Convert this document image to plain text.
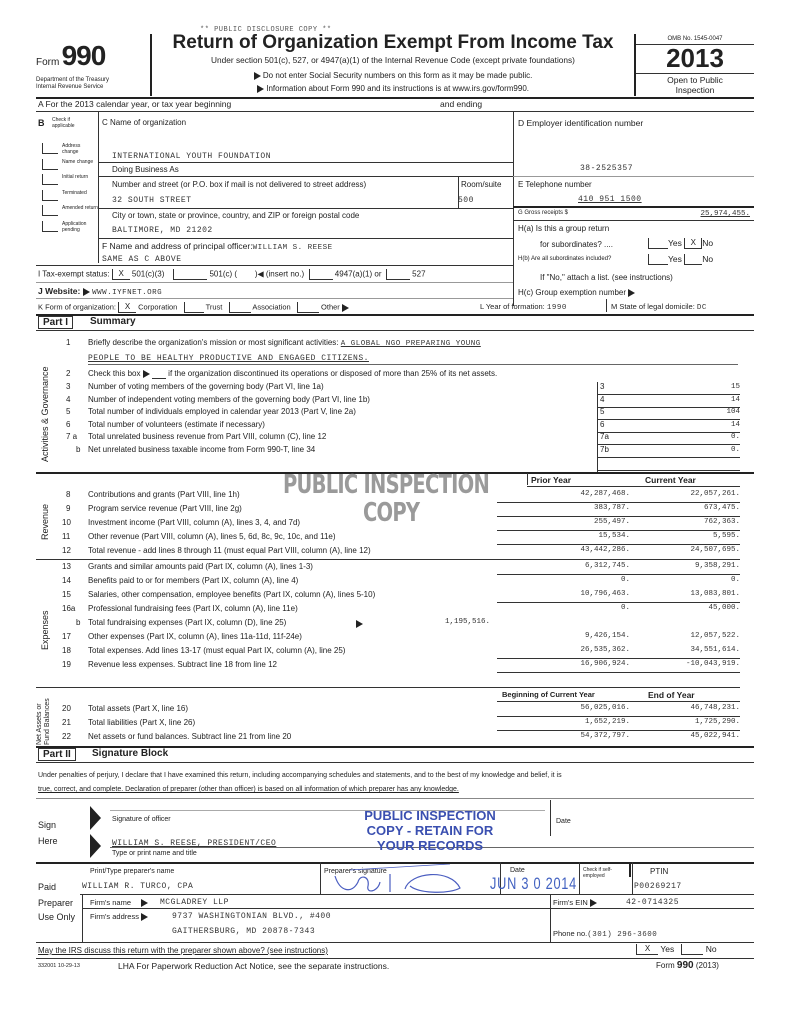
** PUBLIC DISCLOSURE COPY **
Form 990
Department of the Treasury
Internal Revenue Service
Return of Organization Exempt From Income Tax
Under section 501(c), 527, or 4947(a)(1) of the Internal Revenue Code (except private foundations)
Do not enter Social Security numbers on this form as it may be made public.
Information about Form 990 and its instructions is at www.irs.gov/form990.
OMB No. 1545-0047
2013
Open to Public
Inspection
A For the 2013 calendar year, or tax year beginning	and ending
B Check if applicable
Address change
Name change
Initial return
Terminated
Amended return
Application pending
C Name of organization
INTERNATIONAL YOUTH FOUNDATION
Doing Business As
Number and street (or P.O. box if mail is not delivered to street address)	Room/suite
32 SOUTH STREET	500
City or town, state or province, country, and ZIP or foreign postal code
BALTIMORE, MD 21202
F Name and address of principal officer:WILLIAM S. REESE
SAME AS C ABOVE
D Employer identification number
38-2525357
E Telephone number
410 951 1500
G Gross receipts $	25,974,455.
H(a) Is this a group return
for subordinates? ....	Yes X No
H(b) Are all subordinates included?	Yes No
If "No," attach a list. (see instructions)
H(c) Group exemption number
I Tax-exempt status: X 501(c)(3)	501(c) ( )◀ (insert no.)	4947(a)(1) or	527
J Website: WWW.IYFNET.ORG
K Form of organization: X Corporation	Trust	Association	Other	L Year of formation: 1990	M State of legal domicile: DC
Part I	Summary
Activities & Governance
1 Briefly describe the organization's mission or most significant activities: A GLOBAL NGO PREPARING YOUNG
PEOPLE TO BE HEALTHY PRODUCTIVE AND ENGAGED CITIZENS.
2 Check this box	if the organization discontinued its operations or disposed of more than 25% of its net assets.
3 Number of voting members of the governing body (Part VI, line 1a)	3	15
4 Number of independent voting members of the governing body (Part VI, line 1b)	4	14
5 Total number of individuals employed in calendar year 2013 (Part V, line 2a)	5	104
6 Total number of volunteers (estimate if necessary)	6	14
7 a Total unrelated business revenue from Part VIII, column (C), line 12	7a	0.
b Net unrelated business taxable income from Form 990-T, line 34	7b	0.
Prior Year	Current Year
Revenue
8 Contributions and grants (Part VIII, line 1h)	42,287,468.	22,057,261.
9 Program service revenue (Part VIII, line 2g)	383,787.	673,475.
10 Investment income (Part VIII, column (A), lines 3, 4, and 7d)	255,497.	762,363.
11 Other revenue (Part VIII, column (A), lines 5, 6d, 8c, 9c, 10c, and 11e)	15,534.	5,595.
12 Total revenue - add lines 8 through 11 (must equal Part VIII, column (A), line 12)	43,442,286.	24,507,695.
Expenses
13 Grants and similar amounts paid (Part IX, column (A), lines 1-3)	6,312,745.	9,358,291.
14 Benefits paid to or for members (Part IX, column (A), line 4)	0.	0.
15 Salaries, other compensation, employee benefits (Part IX, column (A), lines 5-10)	10,796,463.	13,083,801.
16a Professional fundraising fees (Part IX, column (A), line 11e)	0.	45,000.
b Total fundraising expenses (Part IX, column (D), line 25)	1,195,516.
17 Other expenses (Part IX, column (A), lines 11a-11d, 11f-24e)	9,426,154.	12,057,522.
18 Total expenses. Add lines 13-17 (must equal Part IX, column (A), line 25)	26,535,362.	34,551,614.
19 Revenue less expenses. Subtract line 18 from line 12	16,906,924.	-10,043,919.
Net Assets or Fund Balances
Beginning of Current Year	End of Year
20 Total assets (Part X, line 16)	56,025,016.	46,748,231.
21 Total liabilities (Part X, line 26)	1,652,219.	1,725,290.
22 Net assets or fund balances. Subtract line 21 from line 20	54,372,797.	45,022,941.
PUBLIC INSPECTION
COPY
Part II	Signature Block
Under penalties of perjury, I declare that I have examined this return, including accompanying schedules and statements, and to the best of my knowledge and belief, it is
true, correct, and complete. Declaration of preparer (other than officer) is based on all information of which preparer has any knowledge.
Sign
Here
Signature of officer	Date
WILLIAM S. REESE, PRESIDENT/CEO
Type or print name and title
PUBLIC INSPECTION
COPY - RETAIN FOR
YOUR RECORDS
Paid
Preparer
Use Only
Print/Type preparer's name
WILLIAM R. TURCO, CPA
Preparer's signature	Date
JUN 3 0 2014
Check if self-employed	PTIN
P00269217
Firm's name	MCGLADREY LLP	Firm's EIN	42-0714325
Firm's address	9737 WASHINGTONIAN BLVD., #400
GAITHERSBURG, MD 20878-7343	Phone no.(301) 296-3600
May the IRS discuss this return with the preparer shown above? (see instructions)	X Yes	No
332001 10-29-13	LHA For Paperwork Reduction Act Notice, see the separate instructions.	Form 990 (2013)
